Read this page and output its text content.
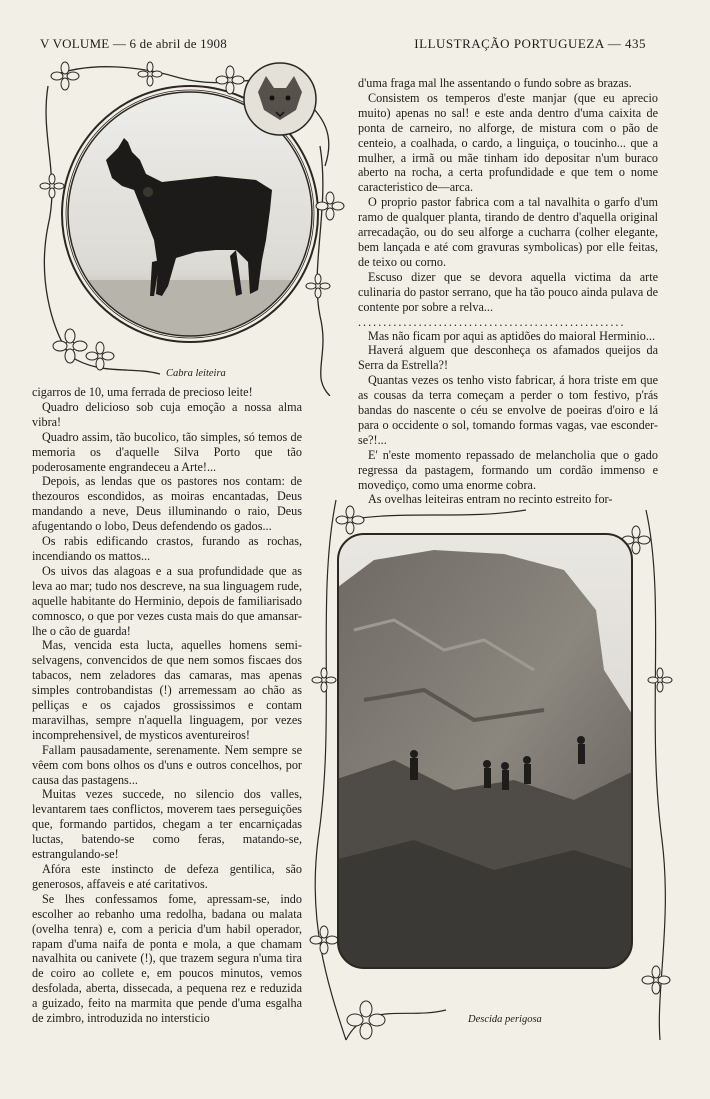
V VOLUME — 6 de abril de 1908	ILLUSTRAÇÃO PORTUGUEZA — 435
Cabra leiteira

cigarros de 10, uma ferrada de precioso leite!

Quadro delicioso sob cuja emoção a nossa alma vibra!

Quadro assim, tão bucolico, tão simples, só temos de memoria os d'aquelle Silva Porto que tão poderosamente engrandeceu a Arte!...

Depois, as lendas que os pastores nos contam: de thezouros escondidos, as moiras encantadas, Deus mandando a neve, Deus illuminando o raio, Deus afugentando o lobo, Deus defendendo os gados...

Os rabis edificando crastos, furando as rochas, incendiando os mattos...

Os uivos das alagoas e a sua profundidade que as leva ao mar; tudo nos descreve, na sua linguagem rude, aquelle habitante do Herminio, depois de familiarisado comnosco, o que por vezes custa mais do que amansar-lhe o cão de guarda!

Mas, vencida esta lucta, aquelles homens semi-selvagens, convencidos de que nem somos fiscaes dos tabacos, nem zeladores das camaras, mas apenas simples controbandistas (!) arremessam ao chão as pelliças e os cajados grossissimos e contam maravilhas, sempre n'aquella linguagem, por vezes incomprehensivel, de mysticos aventureiros!

Fallam pausadamente, serenamente. Nem sempre se vêem com bons olhos os d'uns e outros concelhos, por causa das pastagens...

Muitas vezes succede, no silencio dos valles, levantarem taes conflictos, moverem taes perseguições que, formando partidos, chegam a ter encarniçadas luctas, batendo-se como feras, matando-se, estrangulando-se!

Afóra este instincto de defeza gentilica, são generosos, affaveis e até caritativos.

Se lhes confessamos fome, apressam-se, indo escolher ao rebanho uma redolha, badana ou malata (ovelha tenra) e, com a pericia d'um habil operador, rapam d'uma naifa de ponta e mola, a que chamam navalhita ou canivete (!), que trazem segura n'uma tira de coiro ao collete e, em poucos minutos, vemos desfolada, aberta, dissecada, a pequena rez e reduzida a guizado, feito na marmita que pende d'uma esgalha de zimbro, introduzida no intersticio

d'uma fraga mal lhe assentando o fundo sobre as brazas.

Consistem os temperos d'este manjar (que eu aprecio muito) apenas no sal! e este anda dentro d'uma caixita de ponta de carneiro, no alforge, de mistura com o pão de centeio, a coalhada, o cardo, a linguiça, o toucinho... que a mulher, a irmã ou mãe tinham ido depositar n'um buraco aberto na rocha, a certa profundidade e que tem o nome caracteristico de—arca.

O proprio pastor fabrica com a tal navalhita o garfo d'um ramo de qualquer planta, tirando de dentro d'aquella original arrecadação, ou do seu alforge a cucharra (colher elegante, bem lançada e até com gravuras symbolicas) por elle feitas, de teixo ou corno.

Escuso dizer que se devora aquella victima da arte culinaria do pastor serrano, que ha tão pouco ainda pulava de contente por sobre a relva...

.....................................................

Mas não ficam por aqui as aptidões do maioral Herminio...

Haverá alguem que desconheça os afamados queijos da Serra da Estrella?!

Quantas vezes os tenho visto fabricar, á hora triste em que as cousas da terra começam a perder o tom festivo, p'rás bandas do nascente o céu se envolve de poeiras d'oiro e lá para o occidente o sol, tomando formas vagas, vae esconder-se?!...

E' n'este momento repassado de melancholia que o gado regressa da pastagem, formando um cordão immenso e movediço, como uma enorme cobra.

As ovelhas leiteiras entram no recinto estreito for-

Descida perigosa
